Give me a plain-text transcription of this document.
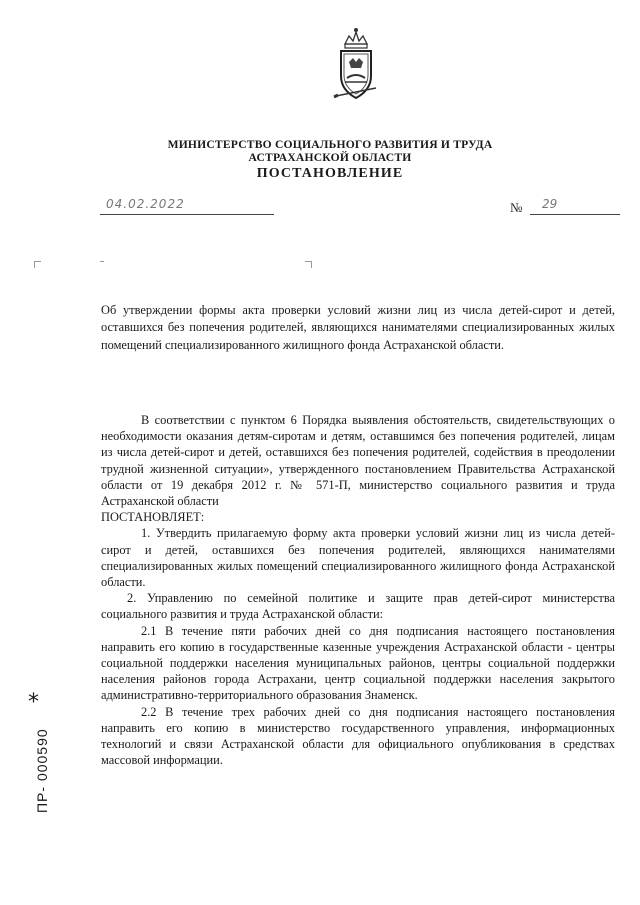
МИНИСТЕРСТВО СОЦИАЛЬНОГО РАЗВИТИЯ И ТРУДА
АСТРАХАНСКОЙ ОБЛАСТИ
ПОСТАНОВЛЕНИЕ
04.02.2022	№	29
Об утверждении формы акта проверки условий жизни лиц из числа детей-сирот и детей, оставшихся без попечения родителей, являющихся нанимателями специализированных жилых помещений специализированного жилищного фонда Астраханской области.

В соответствии с пунктом 6 Порядка выявления обстоятельств, свидетельствующих о необходимости оказания детям-сиротам и детям, оставшимся без попечения родителей, лицам из числа детей-сирот и детей, оставшихся без попечения родителей, содействия в преодолении трудной жизненной ситуации», утвержденного постановлением Правительства Астраханской области от 19 декабря 2012 г. № 571-П, министерство социального развития и труда Астраханской области

ПОСТАНОВЛЯЕТ:

1. Утвердить прилагаемую форму акта проверки условий жизни лиц из числа детей-сирот и детей, оставшихся без попечения родителей, являющихся нанимателями специализированных жилых помещений специализированного жилищного фонда Астраханской области.

2. Управлению по семейной политике и защите прав детей-сирот министерства социального развития и труда Астраханской области:

2.1 В течение пяти рабочих дней со дня подписания настоящего постановления направить его копию в государственные казенные учреждения Астраханской области - центры социальной поддержки населения муниципальных районов, центры социальной поддержки населения районов города Астрахани, центр социальной поддержки населения закрытого административно-территориального образования Знаменск.

2.2 В течение трех рабочих дней со дня подписания настоящего постановления направить его копию в министерство государственного управления, информационных технологий и связи Астраханской области для официального опубликования в средствах массовой информации.

*
ПР- 000590
